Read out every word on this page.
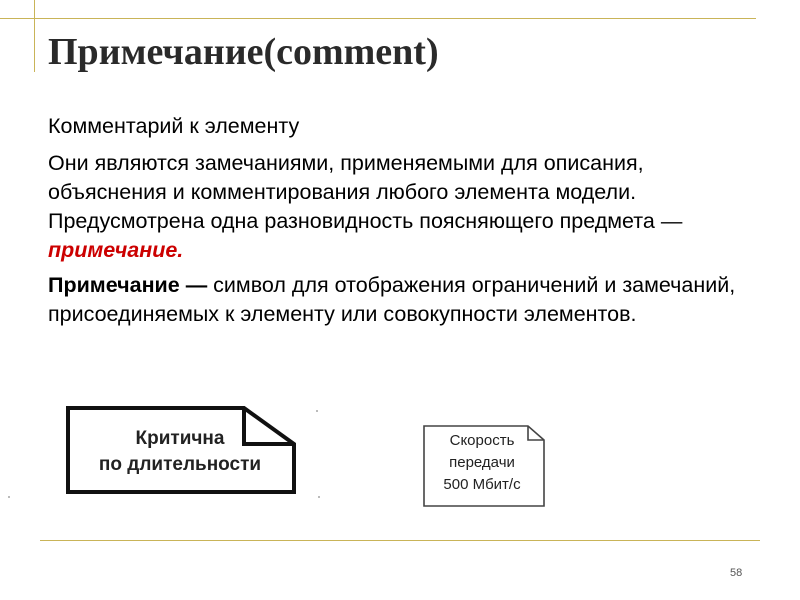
Примечание(comment)

Комментарий к элементу

Они являются замечаниями, применяемыми для описания, объяснения и комментирования любого элемента модели. Предусмотрена одна разновидность поясняющего предмета — примечание.

Примечание — символ для отображения ограничений и замечаний, присоединяемых к элементу или совокупности элементов.

Критична
по длительности
Скорость
передачи
500 Мбит/с
58
